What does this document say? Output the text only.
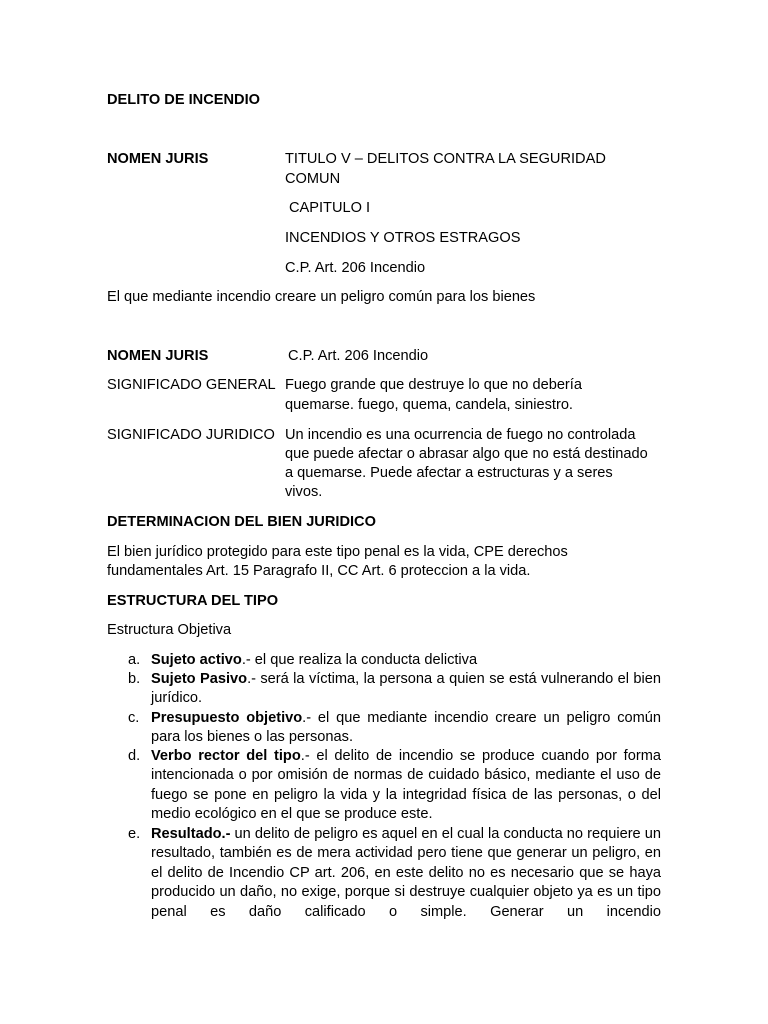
DELITO DE INCENDIO
NOMEN JURIS	TITULO V – DELITOS CONTRA LA SEGURIDAD
COMUN
CAPITULO I
INCENDIOS Y OTROS ESTRAGOS
C.P. Art. 206 Incendio
El que mediante incendio creare un peligro común para los bienes
NOMEN JURIS	C.P. Art. 206 Incendio
SIGNIFICADO GENERAL Fuego grande que destruye lo que no debería
quemarse. fuego, quema, candela, siniestro.
SIGNIFICADO JURIDICO Un incendio es una ocurrencia de fuego no controlada
que puede afectar o abrasar algo que no está destinado
a quemarse. Puede afectar a estructuras y a seres
vivos.
DETERMINACION DEL BIEN JURIDICO
El bien jurídico protegido para este tipo penal es la vida, CPE derechos
fundamentales Art. 15 Paragrafo II, CC Art. 6 proteccion a la vida.
ESTRUCTURA DEL TIPO
Estructura Objetiva
a. Sujeto activo.- el que realiza la conducta delictiva
b. Sujeto Pasivo.- será la víctima, la persona a quien se está vulnerando el bien jurídico.
c. Presupuesto objetivo.- el que mediante incendio creare un peligro común para los bienes o las personas.
d. Verbo rector del tipo.- el delito de incendio se produce cuando por forma intencionada o por omisión de normas de cuidado básico, mediante el uso de fuego se pone en peligro la vida y la integridad física de las personas, o del medio ecológico en el que se produce este.
e. Resultado.- un delito de peligro es aquel en el cual la conducta no requiere un resultado, también es de mera actividad pero tiene que generar un peligro, en el delito de Incendio CP art. 206, en este delito no es necesario que se haya producido un daño, no exige, porque si destruye cualquier objeto ya es un tipo penal es daño calificado o simple. Generar un incendio
